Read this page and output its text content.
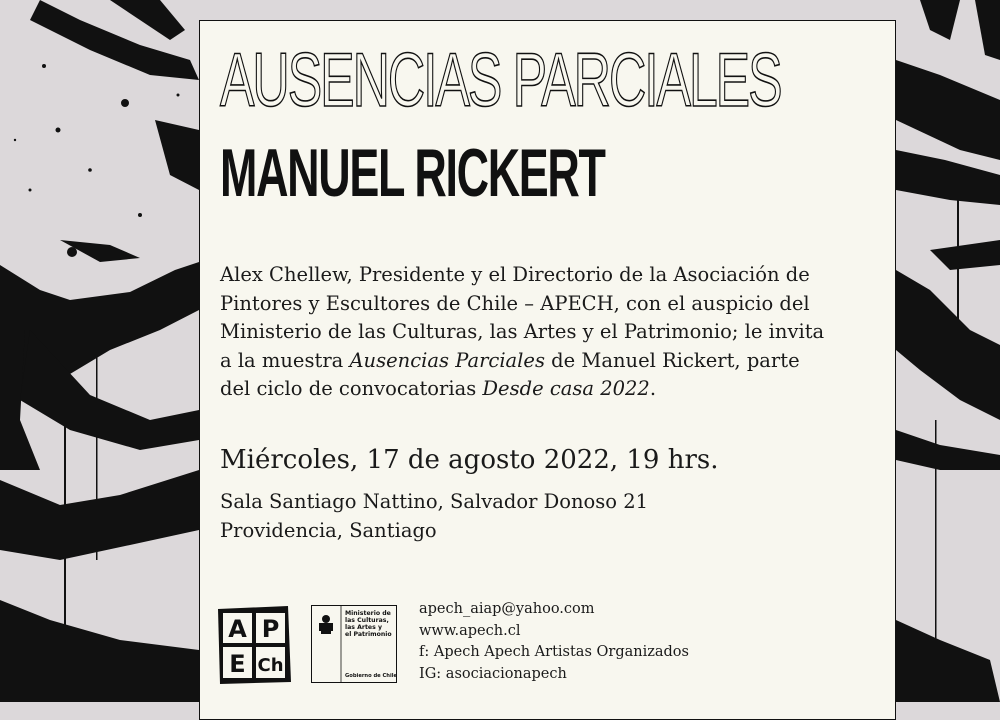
AUSENCIAS PARCIALES
MANUEL RICKERT

Alex Chellew, Presidente y el Directorio de la Asociación de

Pintores y Escultores de Chile – APECH, con el auspicio del

Ministerio de las Culturas, las Artes y el Patrimonio; le invita

a la muestra Ausencias Parciales de Manuel Rickert, parte

del ciclo de convocatorias Desde casa 2022.

Miércoles, 17 de agosto 2022, 19 hrs.
Sala Santiago Nattino, Salvador Donoso 21
Providencia, Santiago
A P
E Ch
Ministerio de
las Culturas,
las Artes y
el Patrimonio
Gobierno de Chile
apech_aiap@yahoo.com
www.apech.cl
f: Apech Apech Artistas Organizados
IG: asociacionapech
